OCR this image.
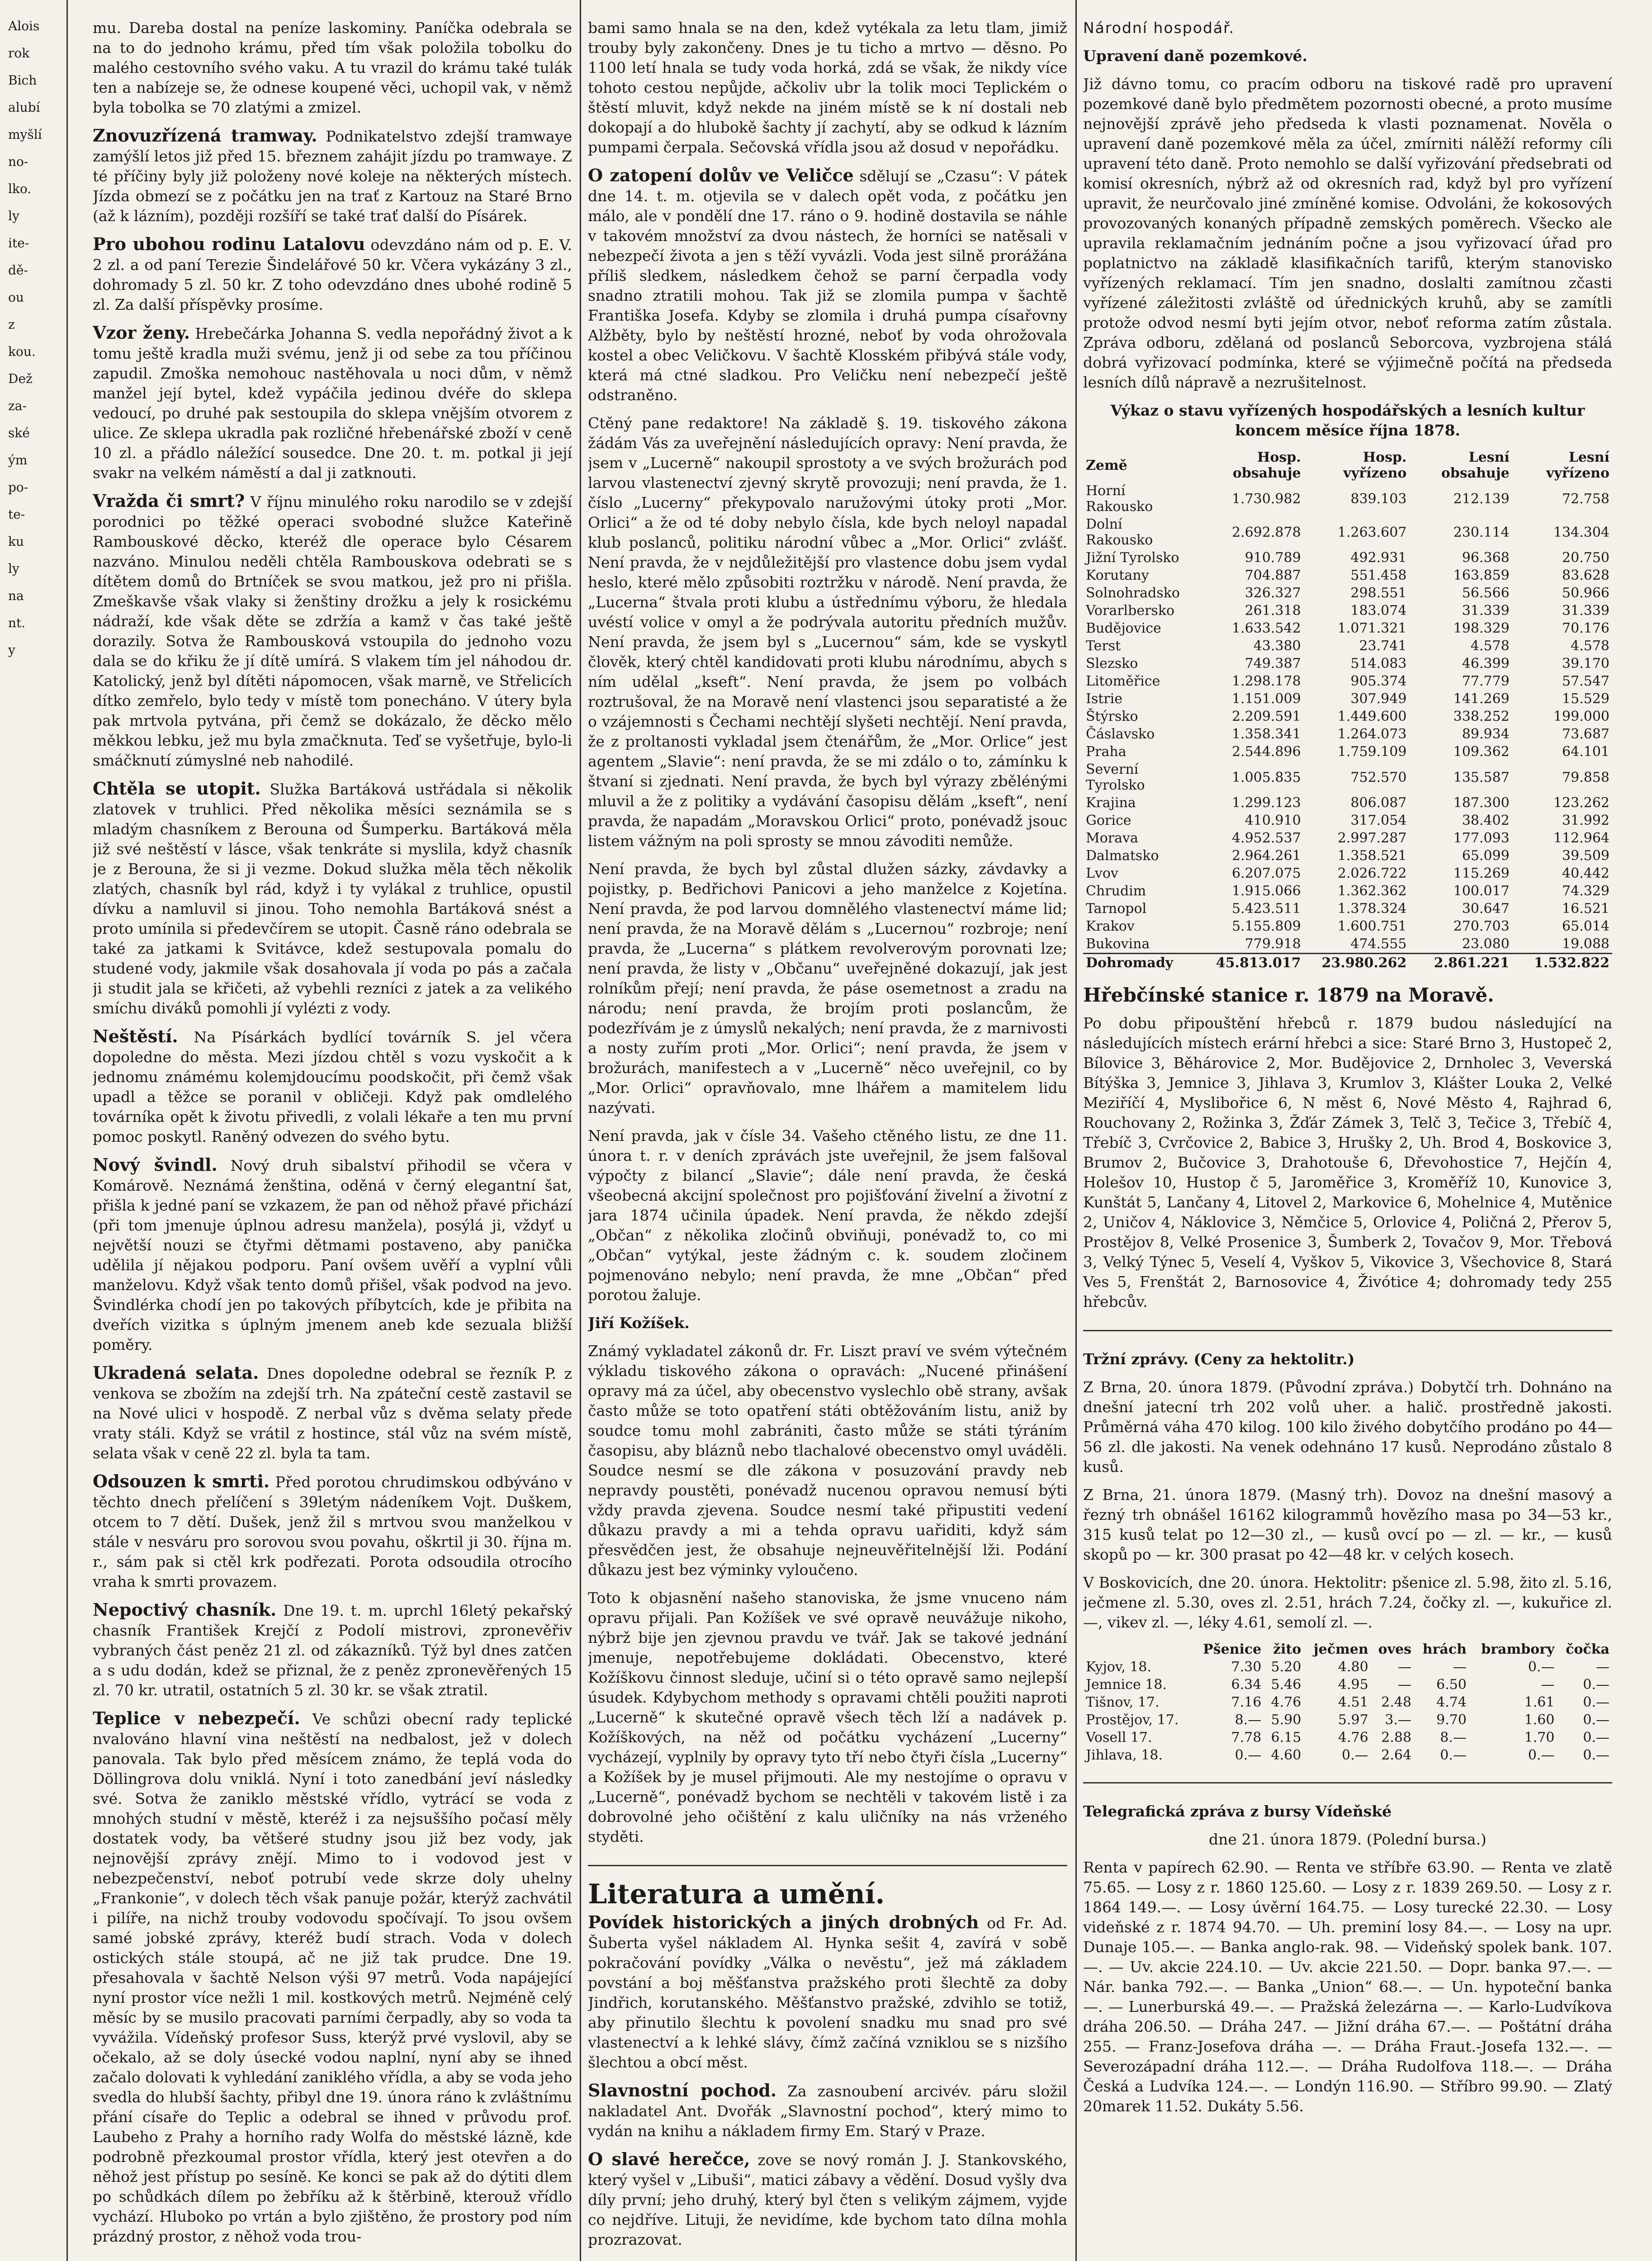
Alois

rok

Bich

alubí

myšlí

no-

lko.

ly

ite-

dě-

ou

z

kou.

Dež

za-

ské

ým

po-

te-

ku

ly

na

nt.

y

mu. Dareba dostal na peníze laskominy. Paníčka odebrala se na to do jednoho krámu, před tím však položila tobolku do malého cestovního svého vaku. A tu vrazil do krámu také tulák ten a nabízeje se, že odnese koupené věci, uchopil vak, v němž byla tobolka se 70 zlatými a zmizel.

Znovuzřízená tramway. Podnikatelstvo zdejší tramwaye zamýšlí letos již před 15. březnem zahájit jízdu po tramwaye. Z té příčiny byly již položeny nové koleje na některých místech. Jízda obmezí se z počátku jen na trať z Kartouz na Staré Brno (až k lázním), později rozšíří se také trať další do Písárek.

Pro ubohou rodinu Latalovu odevzdáno nám od p. E. V. 2 zl. a od paní Terezie Šindelářové 50 kr. Včera vykázány 3 zl., dohromady 5 zl. 50 kr. Z toho odevzdáno dnes ubohé rodině 5 zl. Za další příspěvky prosíme.

Vzor ženy. Hrebečárka Johanna S. vedla nepořádný život a k tomu ještě kradla muži svému, jenž ji od sebe za tou příčinou zapudil. Zmoška nemohouc nastěhovala u noci dům, v němž manžel její bytel, kdež vypáčila jedinou dvéře do sklepa vedoucí, po druhé pak sestoupila do sklepa vnějším otvorem z ulice. Ze sklepa ukradla pak rozličné hřebenářské zboží v ceně 10 zl. a přádlo náležící sousedce. Dne 20. t. m. potkal ji její svakr na velkém náměstí a dal ji zatknouti.

Vražda či smrt? V říjnu minulého roku narodilo se v zdejší porodnici po těžké operaci svobodné služce Kateřině Rambouskové děcko, kteréž dle operace bylo Césarem nazváno. Minulou neděli chtěla Rambouskova odebrati se s dítětem domů do Brtníček se svou matkou, jež pro ni přišla. Zmeškavše však vlaky si ženštiny drožku a jely k rosickému nádraží, kde však děte se zdržía a kamž v čas také ještě dorazily. Sotva že Rambousková vstoupila do jednoho vozu dala se do křiku že jí dítě umírá. S vlakem tím jel náhodou dr. Katolický, jenž byl dítěti nápomocen, však marně, ve Střelicích dítko zemřelo, bylo tedy v místě tom ponecháno. V útery byla pak mrtvola pytvána, při čemž se dokázalo, že děcko mělo měkkou lebku, jež mu byla zmačknuta. Teď se vyšetřuje, bylo-li smáčknutí zúmyslné neb nahodilé.

Chtěla se utopit. Služka Bartáková ustřádala si několik zlatovek v truhlici. Před několika měsíci seznámila se s mladým chasníkem z Berouna od Šumperku. Bartáková měla již své neštěstí v lásce, však tenkráte si myslila, když chasník je z Berouna, že si ji vezme. Dokud služka měla těch několik zlatých, chasník byl rád, když i ty vylákal z truhlice, opustil dívku a namluvil si jinou. Toho nemohla Bartáková snést a proto umínila si předevčírem se utopit. Časně ráno odebrala se také za jatkami k Svitávce, kdež sestupovala pomalu do studené vody, jakmile však dosahovala jí voda po pás a začala ji studit jala se křičeti, až vybehli rezníci z jatek a za velikého smíchu diváků pomohli jí vylézti z vody.

Neštěstí. Na Písárkách bydlící továrník S. jel včera dopoledne do města. Mezi jízdou chtěl s vozu vyskočit a k jednomu známému kolemjdoucímu poodskočit, při čemž však upadl a těžce se poranil v obličeji. Když pak omdlelého továrníka opět k životu přivedli, z volali lékaře a ten mu první pomoc poskytl. Raněný odvezen do svého bytu.

Nový švindl. Nový druh sibalství přihodil se včera v Komárově. Neznámá ženština, oděná v černý elegantní šat, přišla k jedné paní se vzkazem, že pan od něhož přavé přichází (při tom jmenuje úplnou adresu manžela), posýlá ji, vždyť u největší nouzi se čtyřmi dětmami postaveno, aby panička udělila jí nějakou podporu. Paní ovšem uvěří a vyplní vůli manželovu. Když však tento domů přišel, však podvod na jevo. Švindlérka chodí jen po takových příbytcích, kde je přibita na dveřích vizitka s úplným jmenem aneb kde sezuala bližší poměry.

Ukradená selata. Dnes dopoledne odebral se řezník P. z venkova se zbožím na zdejší trh. Na zpáteční cestě zastavil se na Nové ulici v hospodě. Z nerbal vůz s dvěma selaty přede vraty stáli. Když se vrátil z hostince, stál vůz na svém místě, selata však v ceně 22 zl. byla ta tam.

Odsouzen k smrti. Před porotou chrudimskou odbýváno v těchto dnech přelíčení s 39letým nádeníkem Vojt. Duškem, otcem to 7 dětí. Dušek, jenž žil s mrtvou svou manželkou v stále v nesváru pro sorovou svou povahu, oškrtil ji 30. října m. r., sám pak si ctěl krk podřezati. Porota odsoudila otrocího vraha k smrti provazem.

Nepoctivý chasník. Dne 19. t. m. uprchl 16letý pekařský chasník František Krejčí z Podolí mistrovi, zpronevěřiv vybraných část peněz 21 zl. od zákazníků. Týž byl dnes zatčen a s udu dodán, kdež se přiznal, že z peněz zpronevěřených 15 zl. 70 kr. utratil, ostatních 5 zl. 30 kr. se však ztratil.

Teplice v nebezpečí. Ve schůzi obecní rady teplické nvalováno hlavní vina neštěstí na nedbalost, jež v dolech panovala. Tak bylo před měsícem známo, že teplá voda do Döllingrova dolu vniklá. Nyní i toto zanedbání jeví následky své. Sotva že zaniklo městské vřídlo, vytrácí se voda z mnohých studní v městě, kteréž i za nejsuššího počasí měly dostatek vody, ba většeré studny jsou již bez vody, jak nejnovější zprávy znějí. Mimo to i vodovod jest v nebezpečenství, neboť potrubí vede skrze doly uhelny „Frankonie“, v dolech těch však panuje požár, kterýž zachvátil i pilíře, na nichž trouby vodovodu spočívají. To jsou ovšem samé jobské zprávy, kteréž budí strach. Voda v dolech ostických stále stoupá, ač ne již tak prudce. Dne 19. přesahovala v šachtě Nelson výši 97 metrů. Voda napájející nyní prostor více nežli 1 mil. kostkových metrů. Nejméně celý měsíc by se musilo pracovati parními čerpadly, aby so voda ta vyvážila. Vídeňský profesor Suss, kterýž prvé vyslovil, aby se očekalo, až se doly úsecké vodou naplní, nyní aby se ihned začalo dolovati k vyhledání zaniklého vřídla, a aby se voda jeho svedla do hlubší šachty, přibyl dne 19. února ráno k zvláštnímu přání císaře do Teplic a odebral se ihned v průvodu prof. Laubeho z Prahy a horního rady Wolfa do městské lázně, kde podrobně přezkoumal prostor vřídla, který jest otevřen a do něhož jest přístup po sesíně. Ke konci se pak až do dýtiti dlem po schůdkách dílem po žebříku až k štěrbině, kterouž vřídlo vychází. Hluboko po vrtán a bylo zjištěno, že prostory pod ním prázdný prostor, z něhož voda trou-

bami samo hnala se na den, kdež vytékala za letu tlam, jimiž trouby byly zakončeny. Dnes je tu ticho a mrtvo — děsno. Po 1100 letí hnala se tudy voda horká, zdá se však, že nikdy více tohoto cestou nepůjde, ačkoliv ubr la tolik moci Teplickém o štěstí mluvit, když nekde na jiném místě se k ní dostali neb dokopají a do hlubokě šachty jí zachytí, aby se odkud k lázním pumpami čerpala. Sečovská vřídla jsou až dosud v nepořádku.

O zatopení dolův ve Veličce sdělují se „Czasu“: V pátek dne 14. t. m. otjevila se v dalech opět voda, z počátku jen málo, ale v pondělí dne 17. ráno o 9. hodině dostavila se náhle v takovém množství za dvou nástech, že horníci se natěsali v nebezpečí života a jen s těží vyvázli. Voda jest silně prorážána příliš sledkem, následkem čehož se parní čerpadla vody snadno ztratili mohou. Tak již se zlomila pumpa v šachtě Františka Josefa. Kdyby se zlomila i druhá pumpa císařovny Alžběty, bylo by neštěstí hrozné, neboť by voda ohrožovala kostel a obec Veličkovu. V šachtě Klosském přibývá stále vody, která má ctné sladkou. Pro Veličku není nebezpečí ještě odstraněno.

Ctěný pane redaktore! Na základě §. 19. tiskového zákona žádám Vás za uveřejnění následujících opravy: Není pravda, že jsem v „Lucerně“ nakoupil sprostoty a ve svých brožurách pod larvou vlastenectví zjevný skrytě provozuji; není pravda, že 1. číslo „Lucerny“ překypovalo naružovými útoky proti „Mor. Orlici“ a že od té doby nebylo čísla, kde bych neloyl napadal klub poslanců, politiku národní vůbec a „Mor. Orlici“ zvlášť. Není pravda, že v nejdůležitější pro vlastence dobu jsem vydal heslo, které mělo způsobiti roztržku v národě. Není pravda, že „Lucerna“ štvala proti klubu a ústřednímu výboru, že hledala uvéstí volice v omyl a že podrývala autoritu předních mužův. Není pravda, že jsem byl s „Lucernou“ sám, kde se vyskytl člověk, který chtěl kandidovati proti klubu národnímu, abych s ním udělal „kseft“. Není pravda, že jsem po volbách roztrušoval, že na Moravě není vlastenci jsou separatisté a že o vzájemnosti s Čechami nechtějí slyšeti nechtějí. Není pravda, že z proltanosti vykladal jsem čtenářům, že „Mor. Orlice“ jest agentem „Slavie“: není pravda, že se mi zdálo o to, zámínku k štvaní si zjednati. Není pravda, že bych byl výrazy zbělénými mluvil a že z politiky a vydávání časopisu dělám „kseft“, není pravda, že napadám „Moravskou Orlici“ proto, ponévadž jsouc listem vážným na poli sprosty se mnou závoditi nemůže.

Není pravda, že bych byl zůstal dlužen sázky, závdavky a pojistky, p. Bedřichovi Panicovi a jeho manželce z Kojetína. Není pravda, že pod larvou domnělého vlastenectví máme lid; není pravda, že na Moravě dělám s „Lucernou“ rozbroje; není pravda, že „Lucerna“ s plátkem revolverovým porovnati lze; není pravda, že listy v „Občanu“ uveřejněné dokazují, jak jest rolníkům přejí; není pravda, že páse osemetnost a zradu na národu; není pravda, že brojím proti poslancům, že podezřívám je z úmyslů nekalých; není pravda, že z marnivosti a nosty zuřím proti „Mor. Orlici“; není pravda, že jsem v brožurách, manifestech a v „Lucerně“ něco uveřejnil, co by „Mor. Orlici“ opravňovalo, mne lhářem a mamitelem lidu nazývati.

Není pravda, jak v čísle 34. Vašeho ctěného listu, ze dne 11. února t. r. v deních zprávách jste uveřejnil, že jsem falšoval výpočty z bilancí „Slavie“; dále není pravda, že česká všeobecná akcijní společnost pro pojišťování živelní a životní z jara 1874 učinila úpadek. Není pravda, že někdo zdejší „Občan“ z několika zločinů obviňuji, ponévadž to, co mi „Občan“ vytýkal, jeste žádným c. k. soudem zločinem pojmenováno nebylo; není pravda, že mne „Občan“ před porotou žaluje.

Jiří Kožíšek.

Známý vykladatel zákonů dr. Fr. Liszt praví ve svém výtečném výkladu tiskového zákona o opravách: „Nucené přinášení opravy má za účel, aby obecenstvo vyslechlo obě strany, avšak často může se toto opatření státi obtěžováním listu, aniž by soudce tomu mohl zabrániti, často může se státi týráním časopisu, aby bláznů nebo tlachalové obecenstvo omyl uváděli. Soudce nesmí se dle zákona v posuzování pravdy neb nepravdy poustěti, ponévadž nucenou opravou nemusí býti vždy pravda zjevena. Soudce nesmí také připustiti vedení důkazu pravdy a mi a tehda opravu uařiditi, když sám přesvědčen jest, že obsahuje nejneuvěřitelnější lži. Podání důkazu jest bez výminky vyloučeno.

Toto k objasnění našeho stanoviska, že jsme vnuceno nám opravu přijali. Pan Kožíšek ve své opravě neuvážuje nikoho, nýbrž bije jen zjevnou pravdu ve tvář. Jak se takové jednání jmenuje, nepotřebujeme dokládati. Obecenstvo, které Kožíškovu činnost sleduje, učiní si o této opravě samo nejlepší úsudek. Kdybychom methody s opravami chtěli použiti naproti „Lucerně“ k skutečné opravě všech těch lží a nadávek p. Kožíškových, na něž od počátku vycházení „Lucerny“ vycházejí, vyplnily by opravy tyto tří nebo čtyři čísla „Lucerny“ a Kožíšek by je musel přijmouti. Ale my nestojíme o opravu v „Lucerně“, ponévadž bychom se nechtěli v takovém listě i za dobrovolné jeho očištění z kalu uličníky na nás vrženého styděti.

Literatura a umění.

Povídek historických a jiných drobných od Fr. Ad. Šuberta vyšel nákladem Al. Hynka sešit 4, zavírá v sobě pokračování povídky „Válka o nevěstu“, jež má základem povstání a boj měšťanstva pražského proti šlechtě za doby Jindřich, korutanského. Měšťanstvo pražské, zdvihlo se totiž, aby přinutilo šlechtu k povolení snadku mu snad pro své vlastenectví a k lehké slávy, čímž začíná vzniklou se s nizšího šlechtou a obcí měst.

Slavnostní pochod. Za zasnoubení arcivév. páru složil nakladatel Ant. Dvořák „Slavnostní pochod“, který mimo to vydán na knihu a nákladem firmy Em. Starý v Praze.

O slavé herečce, zove se nový román J. J. Stankovského, který vyšel v „Libuši“, matici zábavy a vědění. Dosud vyšly dva díly první; jeho druhý, který byl čten s velikým zájmem, vyjde co nejdříve. Lituji, že nevidíme, kde bychom tato dílna mohla prozrazovat.

Národní hospodář.

Upravení daně pozemkové.

Již dávno tomu, co pracím odboru na tiskové radě pro upravení pozemkové daně bylo předmětem pozornosti obecné, a proto musíme nejnovější zprávě jeho předseda k vlasti poznamenat. Nověla o upravení daně pozemkové měla za účel, zmírniti nálěží reformy cíli upravení této daně. Proto nemohlo se další vyřizování předsebrati od komisí okresních, nýbrž až od okresních rad, když byl pro vyřízení upravit, že neurčovalo jiné zmíněné komise. Odvoláni, že kokosových provozovaných konaných případně zemských poměrech. Všecko ale upravila reklamačním jednáním počne a jsou vyřizovací úřad pro poplatnictvo na základě klasifikačních tarifů, kterým stanovisko vyřízených reklamací. Tím jen snadno, doslalti zamítnou zčasti vyřízené záležitosti zvláště od úřednických kruhů, aby se zamítli protože odvod nesmí byti jejím otvor, neboť reforma zatím zůstala. Zpráva odboru, zdělaná od poslanců Seborcova, vyzbrojena stálá dobrá vyřizovací podmínka, které se výjimečně počítá na předseda lesních dílů nápravě a nezrušitelnost.

Výkaz o stavu vyřízených hospodářských a lesních kultur koncem měsíce října 1878.

Země	Hosp. obsahuje	Hosp. vyřízeno	Lesní obsahuje	Lesní vyřízeno
Horní Rakousko	1.730.982	839.103	212.139	72.758
Dolní Rakousko	2.692.878	1.263.607	230.114	134.304
Jižní Tyrolsko	910.789	492.931	96.368	20.750
Korutany	704.887	551.458	163.859	83.628
Solnohradsko	326.327	298.551	56.566	50.966
Vorarlbersko	261.318	183.074	31.339	31.339
Budějovice	1.633.542	1.071.321	198.329	70.176
Terst	43.380	23.741	4.578	4.578
Slezsko	749.387	514.083	46.399	39.170
Litoměřice	1.298.178	905.374	77.779	57.547
Istrie	1.151.009	307.949	141.269	15.529
Štýrsko	2.209.591	1.449.600	338.252	199.000
Čáslavsko	1.358.341	1.264.073	89.934	73.687
Praha	2.544.896	1.759.109	109.362	64.101
Severní Tyrolsko	1.005.835	752.570	135.587	79.858
Krajina	1.299.123	806.087	187.300	123.262
Gorice	410.910	317.054	38.402	31.992
Morava	4.952.537	2.997.287	177.093	112.964
Dalmatsko	2.964.261	1.358.521	65.099	39.509
Lvov	6.207.075	2.026.722	115.269	40.442
Chrudim	1.915.066	1.362.362	100.017	74.329
Tarnopol	5.423.511	1.378.324	30.647	16.521
Krakov	5.155.809	1.600.751	270.703	65.014
Bukovina	779.918	474.555	23.080	19.088
Dohromady	45.813.017	23.980.262	2.861.221	1.532.822

Hřebčínské stanice r. 1879 na Moravě.

Po dobu připouštění hřebců r. 1879 budou následující na následujících místech erární hřebci a sice: Staré Brno 3, Hustopeč 2, Bílovice 3, Běhárovice 2, Mor. Budějovice 2, Drnholec 3, Veverská Bítýška 3, Jemnice 3, Jihlava 3, Krumlov 3, Klášter Louka 2, Velké Meziříčí 4, Myslibořice 6, N měst 6, Nové Město 4, Rajhrad 6, Rouchovany 2, Rožinka 3, Žďár Zámek 3, Telč 3, Tečice 3, Třebíč 4, Třebíč 3, Cvrčovice 2, Babice 3, Hrušky 2, Uh. Brod 4, Boskovice 3, Brumov 2, Bučovice 3, Drahotouše 6, Dřevohostice 7, Hejčín 4, Holešov 10, Hustop č 5, Jaroměřice 3, Kroměříž 10, Kunovice 3, Kunštát 5, Lančany 4, Litovel 2, Markovice 6, Mohelnice 4, Mutěnice 2, Uničov 4, Náklovice 3, Němčice 5, Orlovice 4, Poličná 2, Přerov 5, Prostějov 8, Velké Prosenice 3, Šumberk 2, Tovačov 9, Mor. Třebová 3, Velký Týnec 5, Veselí 4, Vyškov 5, Vikovice 3, Všechovice 8, Stará Ves 5, Frenštát 2, Barnosovice 4, Živótice 4; dohromady tedy 255 hřebcův.

Tržní zprávy. (Ceny za hektolitr.)

Z Brna, 20. února 1879. (Původní zpráva.) Dobytčí trh. Dohnáno na dnešní jatecní trh 202 volů uher. a halič. prostředně jakosti. Průměrná váha 470 kilog. 100 kilo živého dobytčího prodáno po 44—56 zl. dle jakosti. Na venek odehnáno 17 kusů. Neprodáno zůstalo 8 kusů.

Z Brna, 21. února 1879. (Masný trh). Dovoz na dnešní masový a řezný trh obnášel 16162 kilogrammů hovězího masa po 34—53 kr., 315 kusů telat po 12—30 zl., — kusů ovcí po — zl. — kr., — kusů skopů po — kr. 300 prasat po 42—48 kr. v celých kosech.

V Boskovicích, dne 20. února. Hektolitr: pšenice zl. 5.98, žito zl. 5.16, ječmene zl. 5.30, oves zl. 2.51, hrách 7.24, čočky zl. —, kukuřice zl. —, vikev zl. —, léky 4.61, semolí zl. —.

	Pšenice	žito	ječmen	oves	hrách	brambory	čočka
Kyjov, 18.	7.30	5.20	4.80	—	—	0.—	—
Jemnice 18.	6.34	5.46	4.95	—	6.50	—	0.—
Tišnov, 17.	7.16	4.76	4.51	2.48	4.74	1.61	0.—
Prostějov, 17.	8.—	5.90	5.97	3.—	9.70	1.60	0.—
Vosell 17.	7.78	6.15	4.76	2.88	8.—	1.70	0.—
Jihlava, 18.	0.—	4.60	0.—	2.64	0.—	0.—	0.—

Telegrafická zpráva z bursy Vídeňské

dne 21. února 1879. (Polední bursa.)

Renta v papírech 62.90. — Renta ve stříbře 63.90. — Renta ve zlatě 75.65. — Losy z r. 1860 125.60. — Losy z r. 1839 269.50. — Losy z r. 1864 149.—. — Losy úvěrní 164.75. — Losy turecké 22.30. — Losy videňské z r. 1874 94.70. — Uh. preminí losy 84.—. — Losy na upr. Dunaje 105.—. — Banka anglo-rak. 98. — Videňský spolek bank. 107.—. — Uv. akcie 224.10. — Uv. akcie 221.50. — Dopr. banka 97.—. — Nár. banka 792.—. — Banka „Union“ 68.—. — Un. hypoteční banka —. — Lunerburská 49.—. — Pražská železárna —. — Karlo-Ludvíkova dráha 206.50. — Dráha 247. — Jižní dráha 67.—. — Poštátní dráha 255. — Franz-Josefova dráha —. — Dráha Fraut.-Josefa 132.—. — Severozápadní dráha 112.—. — Dráha Rudolfova 118.—. — Dráha Česká a Ludvíka 124.—. — Londýn 116.90. — Stříbro 99.90. — Zlatý 20marek 11.52. Dukáty 5.56.
